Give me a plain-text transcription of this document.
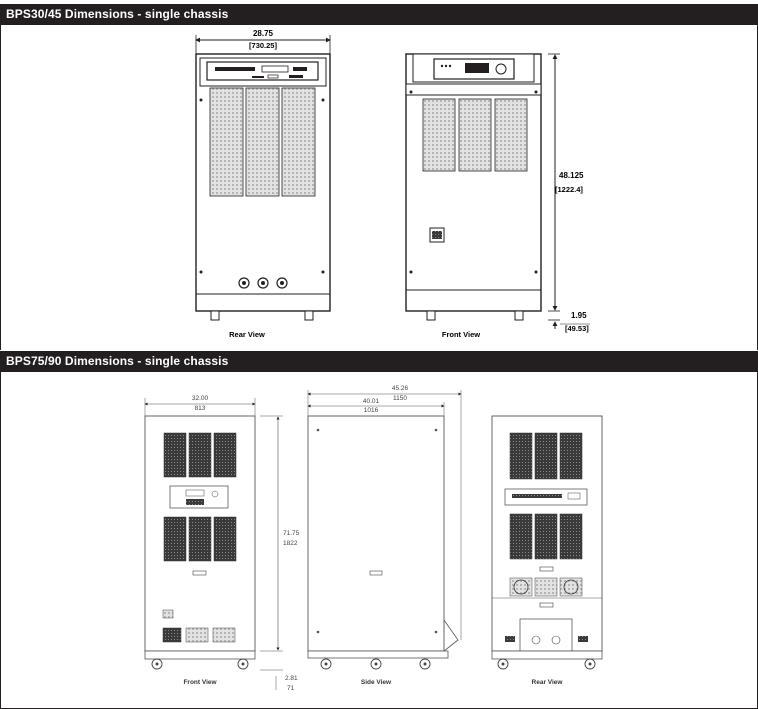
BPS30/45 Dimensions - single chassis
28.75
[730.25]
Rear View	Front View
48.125
[1222.4]
1.95
[49.53]
32.00
813
Front View
71.75
1822
2.81
71
45.26
1150
40.01
1016
Side View	Rear View
BPS75/90 Dimensions - single chassis
